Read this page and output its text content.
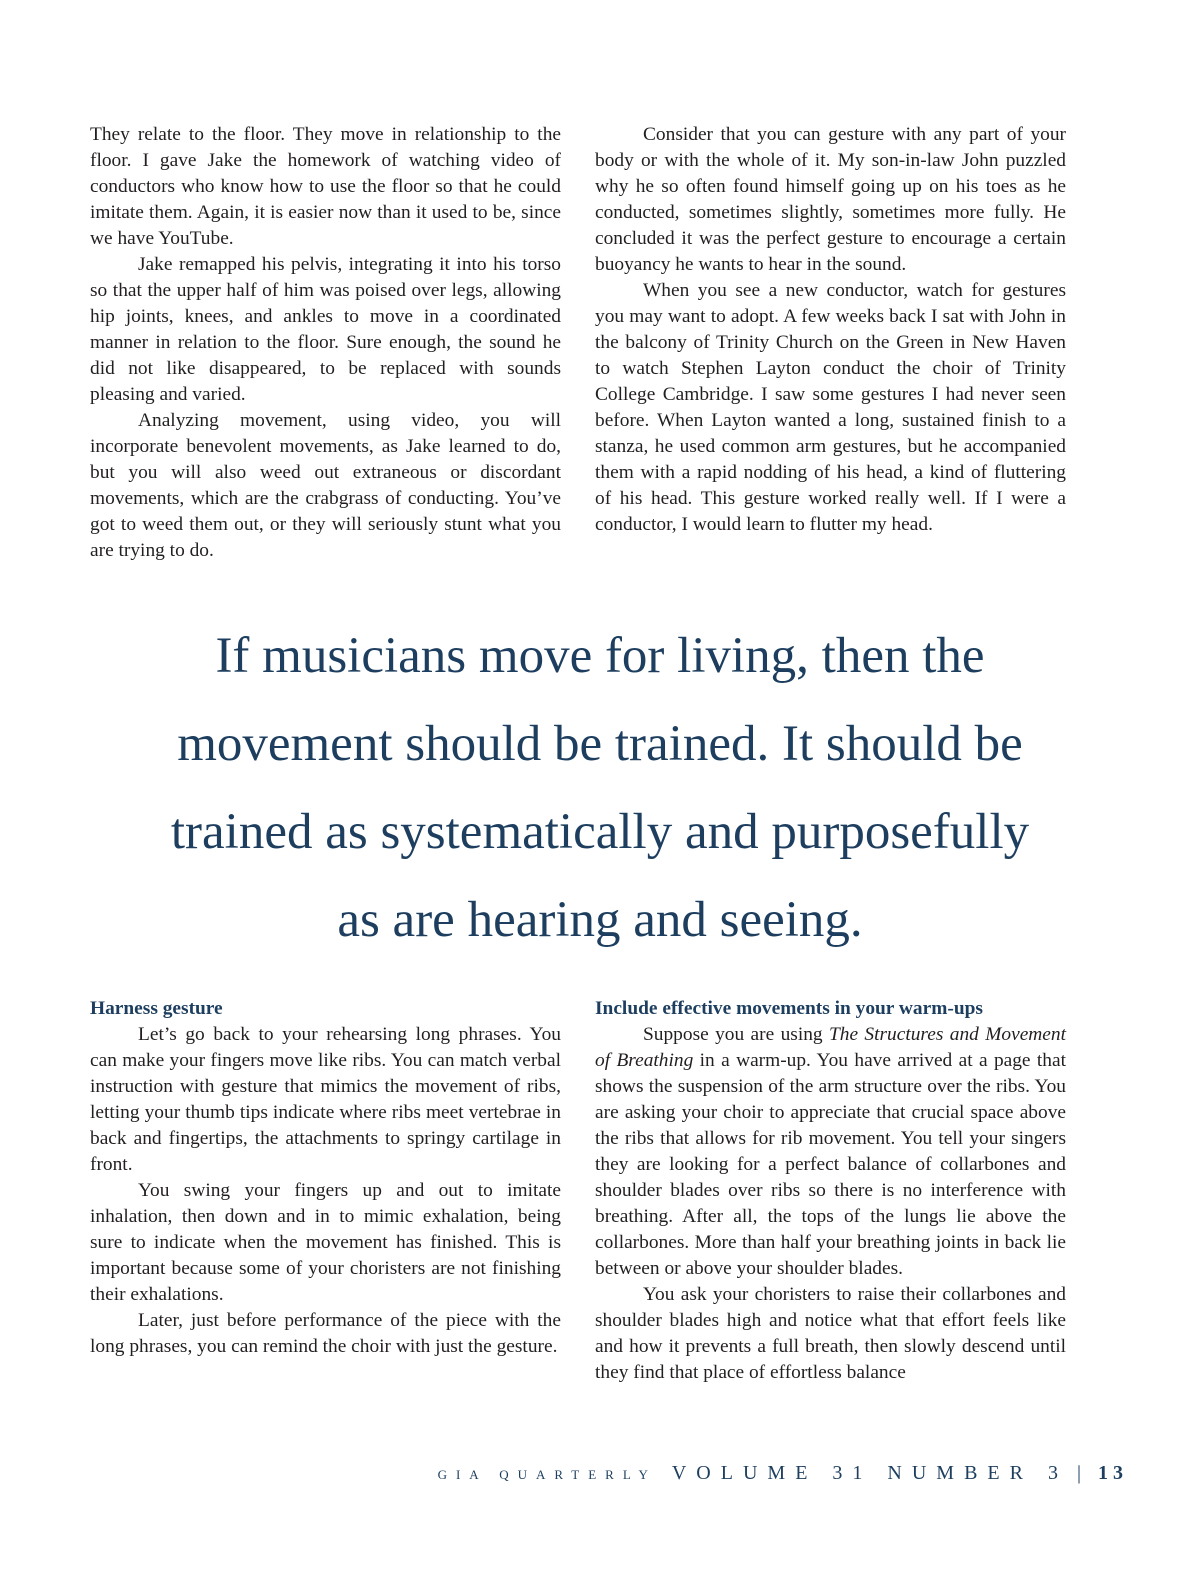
They relate to the floor. They move in relationship to the floor. I gave Jake the homework of watching video of conductors who know how to use the floor so that he could imitate them. Again, it is easier now than it used to be, since we have YouTube.

Jake remapped his pelvis, integrating it into his torso so that the upper half of him was poised over legs, allowing hip joints, knees, and ankles to move in a coordinated manner in relation to the floor. Sure enough, the sound he did not like disappeared, to be replaced with sounds pleasing and varied.

Analyzing movement, using video, you will incorporate benevolent movements, as Jake learned to do, but you will also weed out extraneous or discordant movements, which are the crabgrass of conducting. You’ve got to weed them out, or they will seriously stunt what you are trying to do.

Consider that you can gesture with any part of your body or with the whole of it. My son-in-law John puzzled why he so often found himself going up on his toes as he conducted, sometimes slightly, sometimes more fully. He concluded it was the perfect gesture to encourage a certain buoyancy he wants to hear in the sound.

When you see a new conductor, watch for gestures you may want to adopt. A few weeks back I sat with John in the balcony of Trinity Church on the Green in New Haven to watch Stephen Layton conduct the choir of Trinity College Cambridge. I saw some gestures I had never seen before. When Layton wanted a long, sustained finish to a stanza, he used common arm gestures, but he accompanied them with a rapid nodding of his head, a kind of fluttering of his head. This gesture worked really well. If I were a conductor, I would learn to flutter my head.

If musicians move for living, then the
movement should be trained. It should be
trained as systematically and purposefully
as are hearing and seeing.
Harness gesture

Let’s go back to your rehearsing long phrases. You can make your fingers move like ribs. You can match verbal instruction with gesture that mimics the movement of ribs, letting your thumb tips indicate where ribs meet vertebrae in back and fingertips, the attachments to springy cartilage in front.

You swing your fingers up and out to imitate inhalation, then down and in to mimic exhalation, being sure to indicate when the movement has finished. This is important because some of your choristers are not finishing their exhalations.

Later, just before performance of the piece with the long phrases, you can remind the choir with just the gesture.

Include effective movements in your warm-ups

Suppose you are using The Structures and Movement of Breathing in a warm-up. You have arrived at a page that shows the suspension of the arm structure over the ribs. You are asking your choir to appreciate that crucial space above the ribs that allows for rib movement. You tell your singers they are looking for a perfect balance of collarbones and shoulder blades over ribs so there is no interference with breathing. After all, the tops of the lungs lie above the collarbones. More than half your breathing joints in back lie between or above your shoulder blades.

You ask your choristers to raise their collarbones and shoulder blades high and notice what that effort feels like and how it prevents a full breath, then slowly descend until they find that place of effortless balance

GIA QUARTERLY VOLUME 31 NUMBER 3 | 13
